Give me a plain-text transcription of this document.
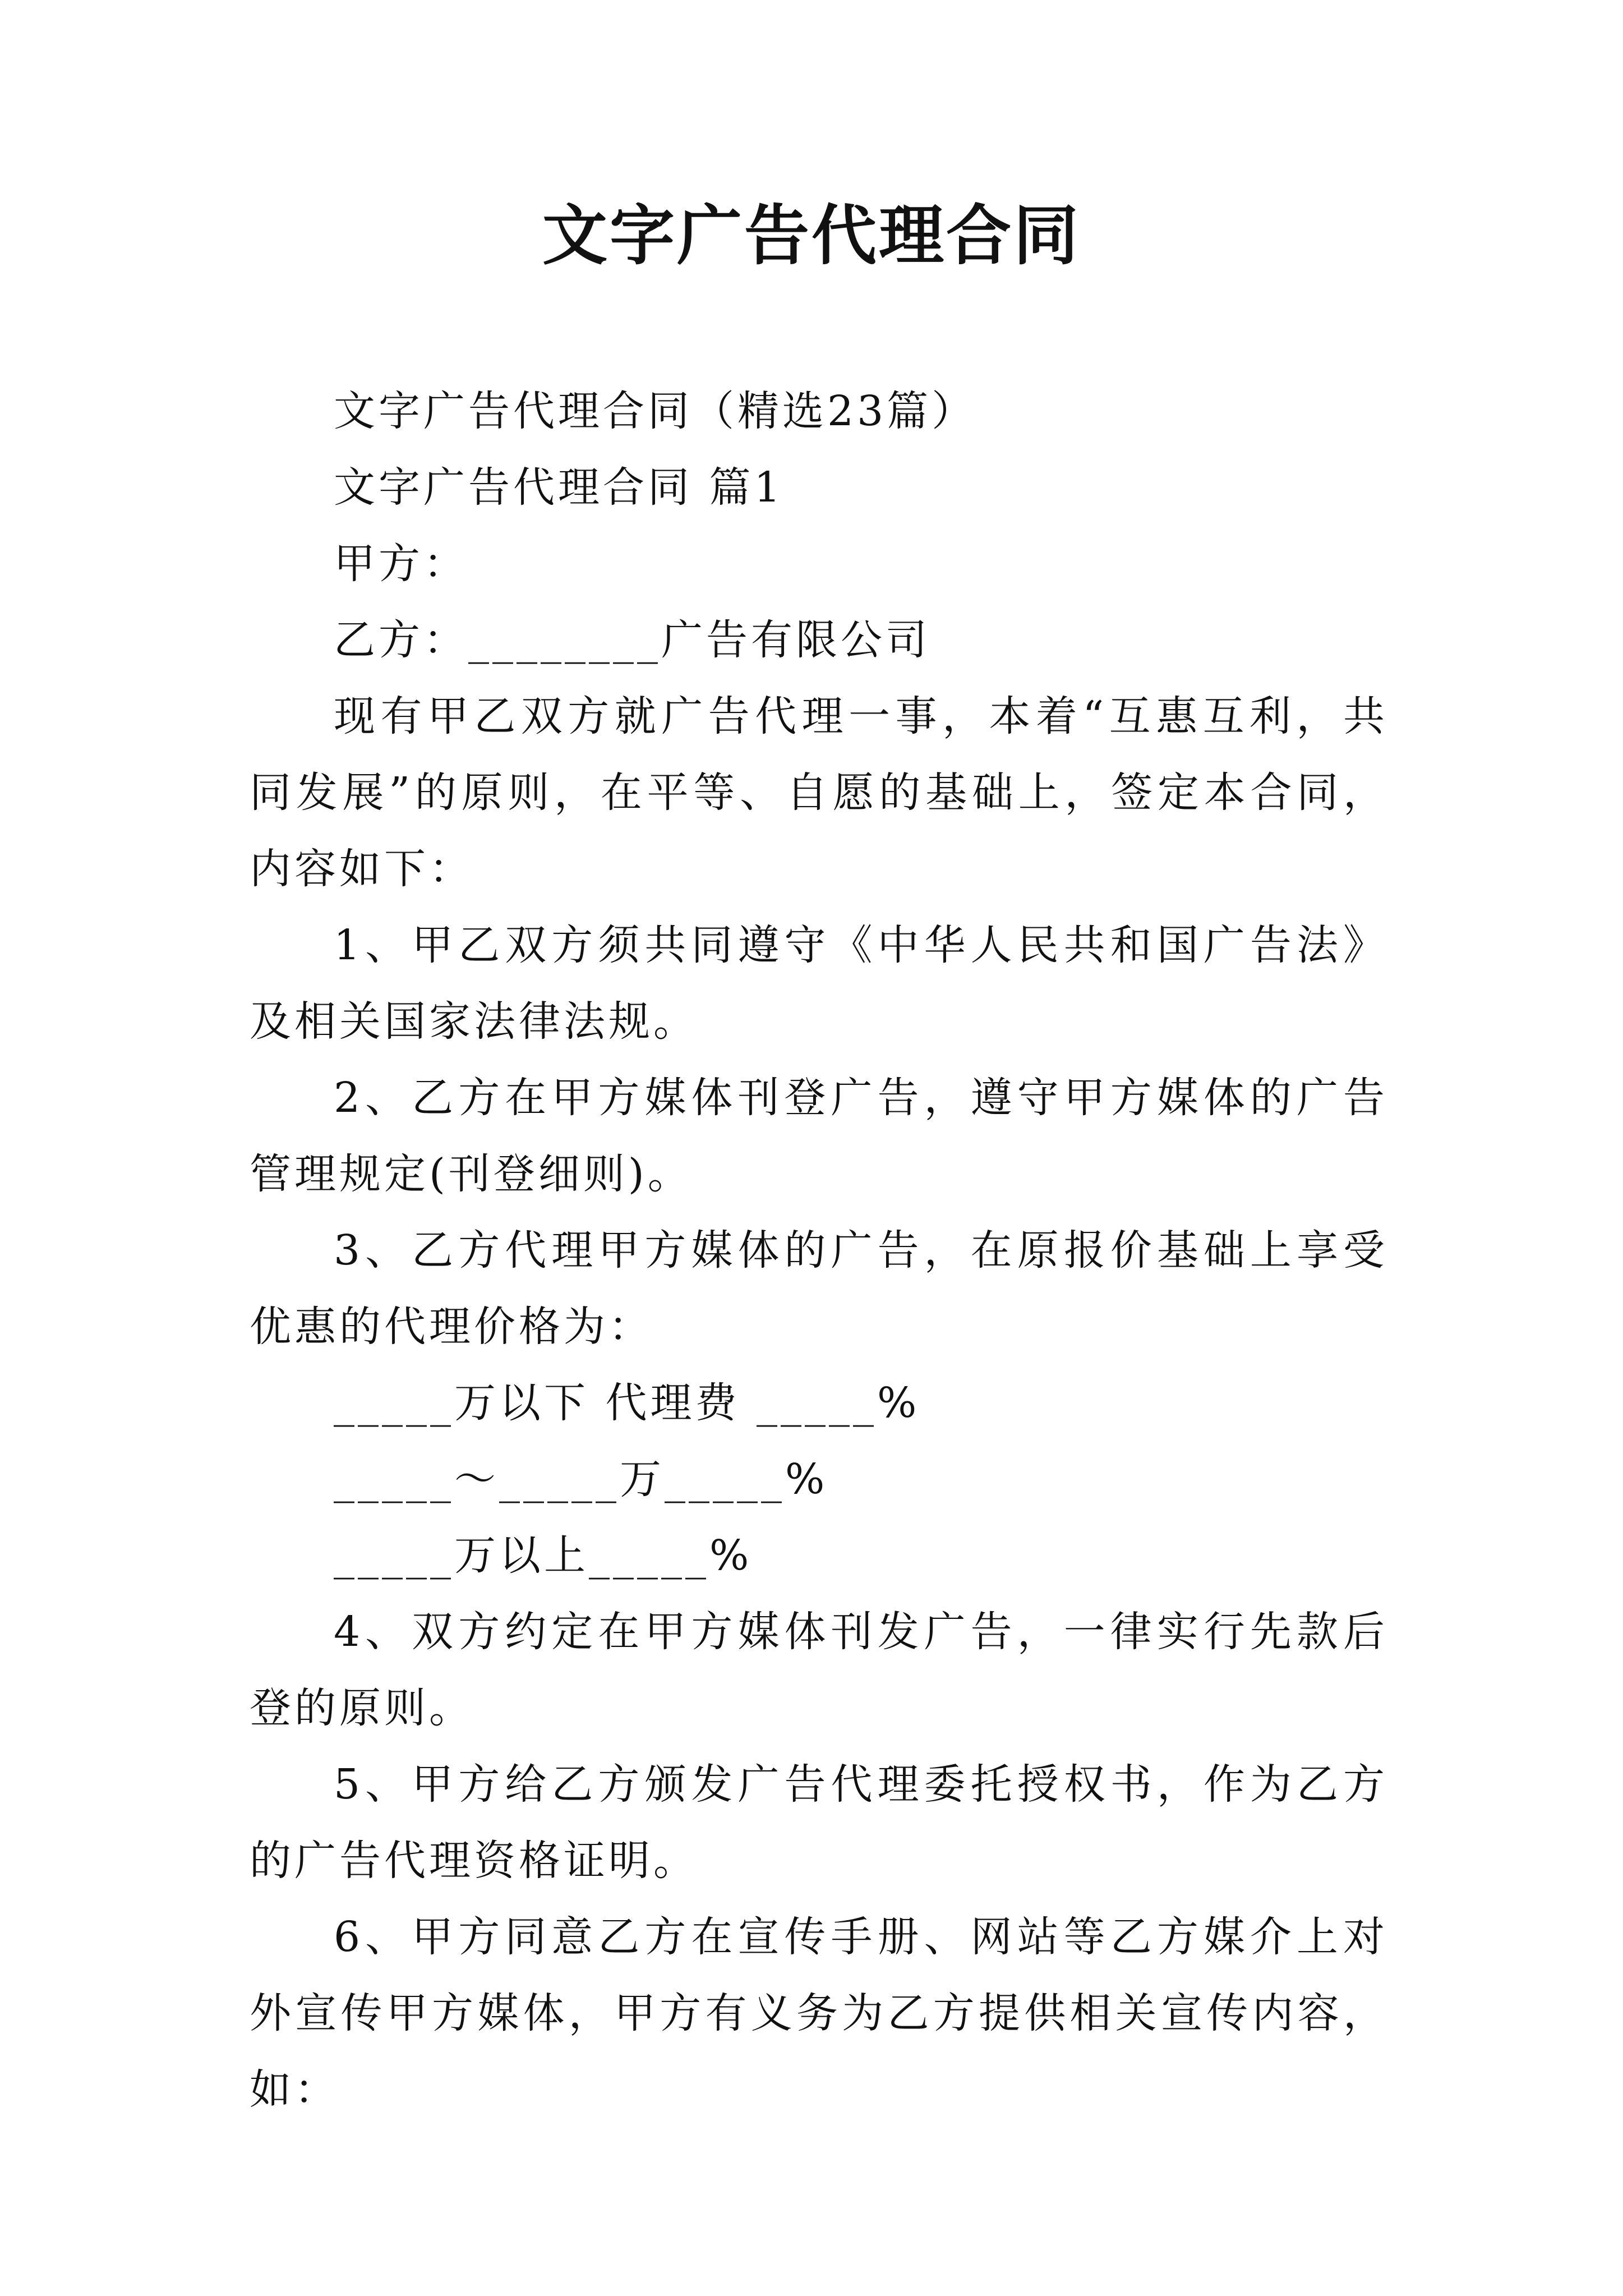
文字广告代理合同

文字广告代理合同（精选23篇）

文字广告代理合同 篇1

甲方：

乙方：________广告有限公司

现有甲乙双方就广告代理一事，本着“互惠互利，共同发展”的原则，在平等、自愿的基础上，签定本合同，内容如下：

1、甲乙双方须共同遵守《中华人民共和国广告法》及相关国家法律法规。

2、乙方在甲方媒体刊登广告，遵守甲方媒体的广告管理规定(刊登细则)。

3、乙方代理甲方媒体的广告，在原报价基础上享受优惠的代理价格为：

_____万以下 代理费 _____%

_____～_____万_____%

_____万以上_____%

4、双方约定在甲方媒体刊发广告，一律实行先款后登的原则。

5、甲方给乙方颁发广告代理委托授权书，作为乙方的广告代理资格证明。

6、甲方同意乙方在宣传手册、网站等乙方媒介上对外宣传甲方媒体，甲方有义务为乙方提供相关宣传内容，如：
